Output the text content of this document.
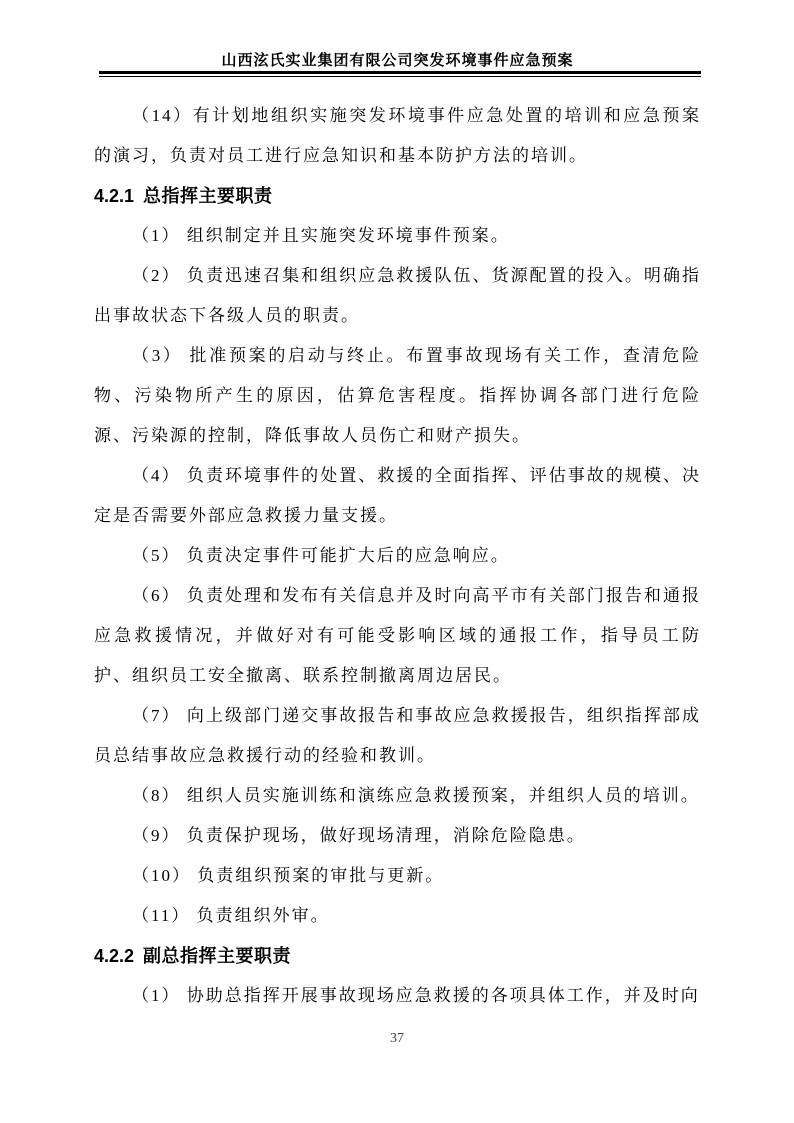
山西泫氏实业集团有限公司突发环境事件应急预案
（14）有计划地组织实施突发环境事件应急处置的培训和应急预案的演习，负责对员工进行应急知识和基本防护方法的培训。
4.2.1 总指挥主要职责
（1） 组织制定并且实施突发环境事件预案。
（2） 负责迅速召集和组织应急救援队伍、货源配置的投入。明确指出事故状态下各级人员的职责。
（3） 批准预案的启动与终止。布置事故现场有关工作，查清危险物、污染物所产生的原因，估算危害程度。指挥协调各部门进行危险源、污染源的控制，降低事故人员伤亡和财产损失。
（4） 负责环境事件的处置、救援的全面指挥、评估事故的规模、决定是否需要外部应急救援力量支援。
（5） 负责决定事件可能扩大后的应急响应。
（6） 负责处理和发布有关信息并及时向高平市有关部门报告和通报应急救援情况，并做好对有可能受影响区域的通报工作，指导员工防护、组织员工安全撤离、联系控制撤离周边居民。
（7） 向上级部门递交事故报告和事故应急救援报告，组织指挥部成员总结事故应急救援行动的经验和教训。
（8） 组织人员实施训练和演练应急救援预案，并组织人员的培训。
（9） 负责保护现场，做好现场清理，消除危险隐患。
（10） 负责组织预案的审批与更新。
（11） 负责组织外审。
4.2.2 副总指挥主要职责
（1） 协助总指挥开展事故现场应急救援的各项具体工作，并及时向
37
